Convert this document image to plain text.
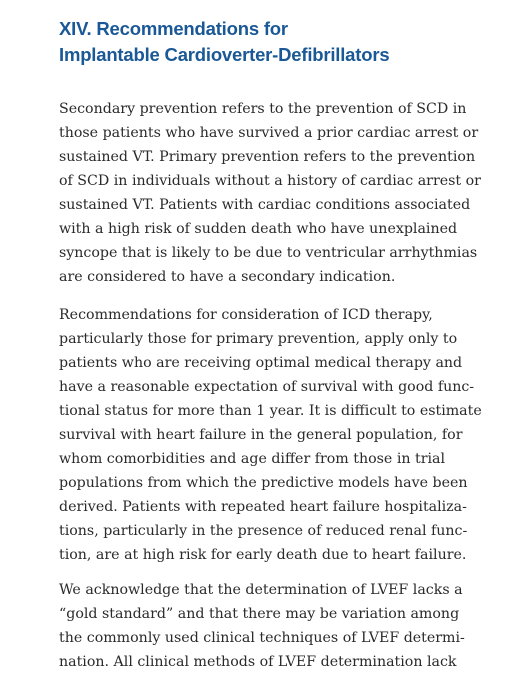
XIV. Recommendations for
Implantable Cardioverter-Defibrillators

Secondary prevention refers to the prevention of SCD in
those patients who have survived a prior cardiac arrest or
sustained VT. Primary prevention refers to the prevention
of SCD in individuals without a history of cardiac arrest or
sustained VT. Patients with cardiac conditions associated
with a high risk of sudden death who have unexplained
syncope that is likely to be due to ventricular arrhythmias
are considered to have a secondary indication.

Recommendations for consideration of ICD therapy,
particularly those for primary prevention, apply only to
patients who are receiving optimal medical therapy and
have a reasonable expectation of survival with good func-
tional status for more than 1 year. It is difficult to estimate
survival with heart failure in the general population, for
whom comorbidities and age differ from those in trial
populations from which the predictive models have been
derived. Patients with repeated heart failure hospitaliza-
tions, particularly in the presence of reduced renal func-
tion, are at high risk for early death due to heart failure.

We acknowledge that the determination of LVEF lacks a
“gold standard” and that there may be variation among
the commonly used clinical techniques of LVEF determi-
nation. All clinical methods of LVEF determination lack
